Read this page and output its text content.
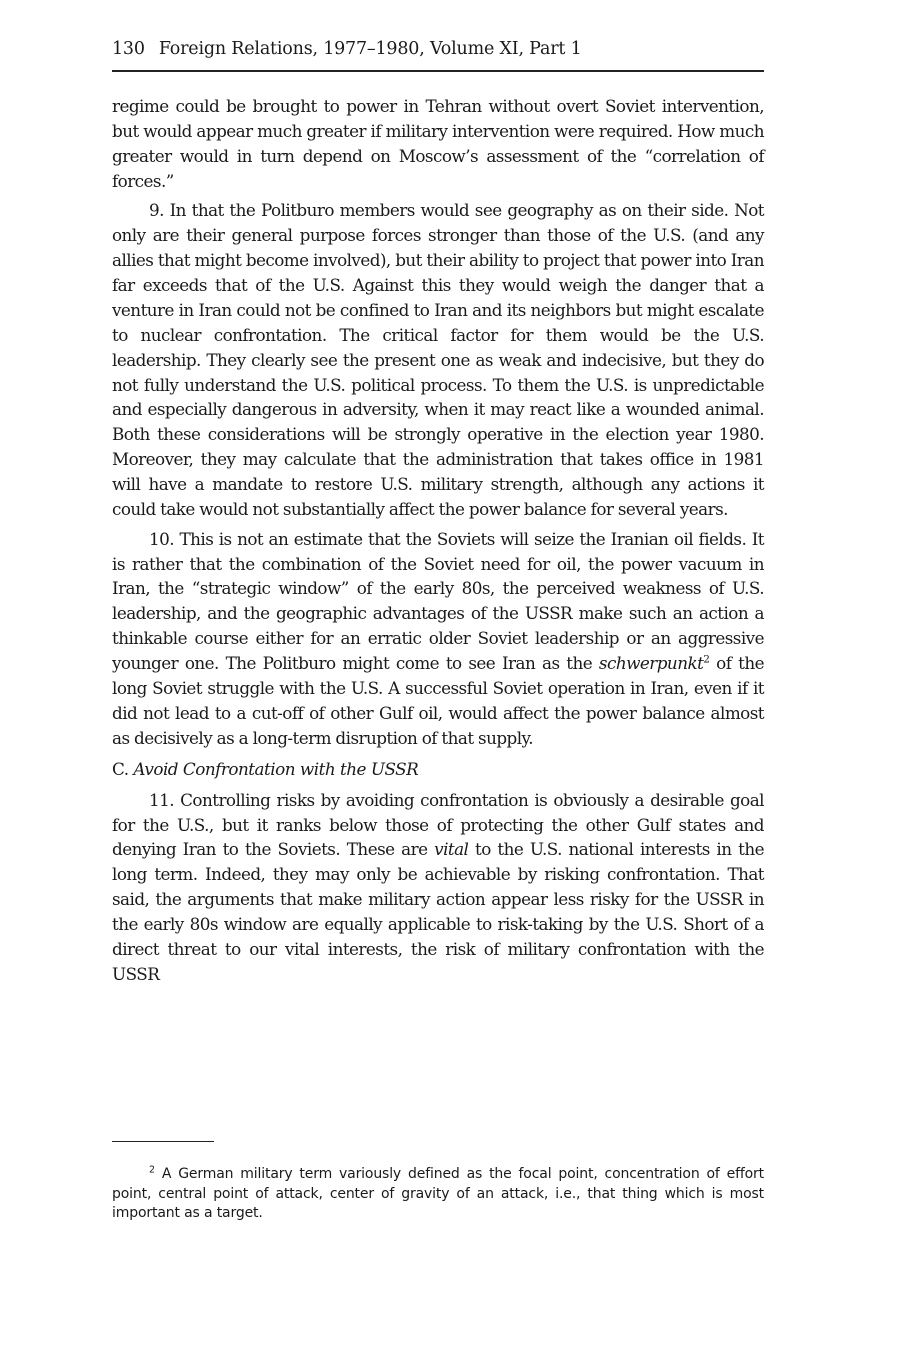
130 Foreign Relations, 1977–1980, Volume XI, Part 1

regime could be brought to power in Tehran without overt Soviet intervention, but would appear much greater if military intervention were required. How much greater would in turn depend on Moscow’s assessment of the “correlation of forces.”

9. In that the Politburo members would see geography as on their side. Not only are their general purpose forces stronger than those of the U.S. (and any allies that might become involved), but their ability to project that power into Iran far exceeds that of the U.S. Against this they would weigh the danger that a venture in Iran could not be confined to Iran and its neighbors but might escalate to nuclear confrontation. The critical factor for them would be the U.S. leadership. They clearly see the present one as weak and indecisive, but they do not fully understand the U.S. political process. To them the U.S. is unpredictable and especially dangerous in adversity, when it may react like a wounded animal. Both these considerations will be strongly operative in the election year 1980. Moreover, they may calculate that the administration that takes office in 1981 will have a mandate to restore U.S. military strength, although any actions it could take would not substantially affect the power balance for several years.

10. This is not an estimate that the Soviets will seize the Iranian oil fields. It is rather that the combination of the Soviet need for oil, the power vacuum in Iran, the “strategic window” of the early 80s, the perceived weakness of U.S. leadership, and the geographic advantages of the USSR make such an action a thinkable course either for an erratic older Soviet leadership or an aggressive younger one. The Politburo might come to see Iran as the schwerpunkt$^2$ of the long Soviet struggle with the U.S. A successful Soviet operation in Iran, even if it did not lead to a cut-off of other Gulf oil, would affect the power balance almost as decisively as a long-term disruption of that supply.

C. Avoid Confrontation with the USSR

11. Controlling risks by avoiding confrontation is obviously a desirable goal for the U.S., but it ranks below those of protecting the other Gulf states and denying Iran to the Soviets. These are vital to the U.S. national interests in the long term. Indeed, they may only be achievable by risking confrontation. That said, the arguments that make military action appear less risky for the USSR in the early 80s window are equally applicable to risk-taking by the U.S. Short of a direct threat to our vital interests, the risk of military confrontation with the USSR

$^2$ A German military term variously defined as the focal point, concentration of effort point, central point of attack, center of gravity of an attack, i.e., that thing which is most important as a target.
